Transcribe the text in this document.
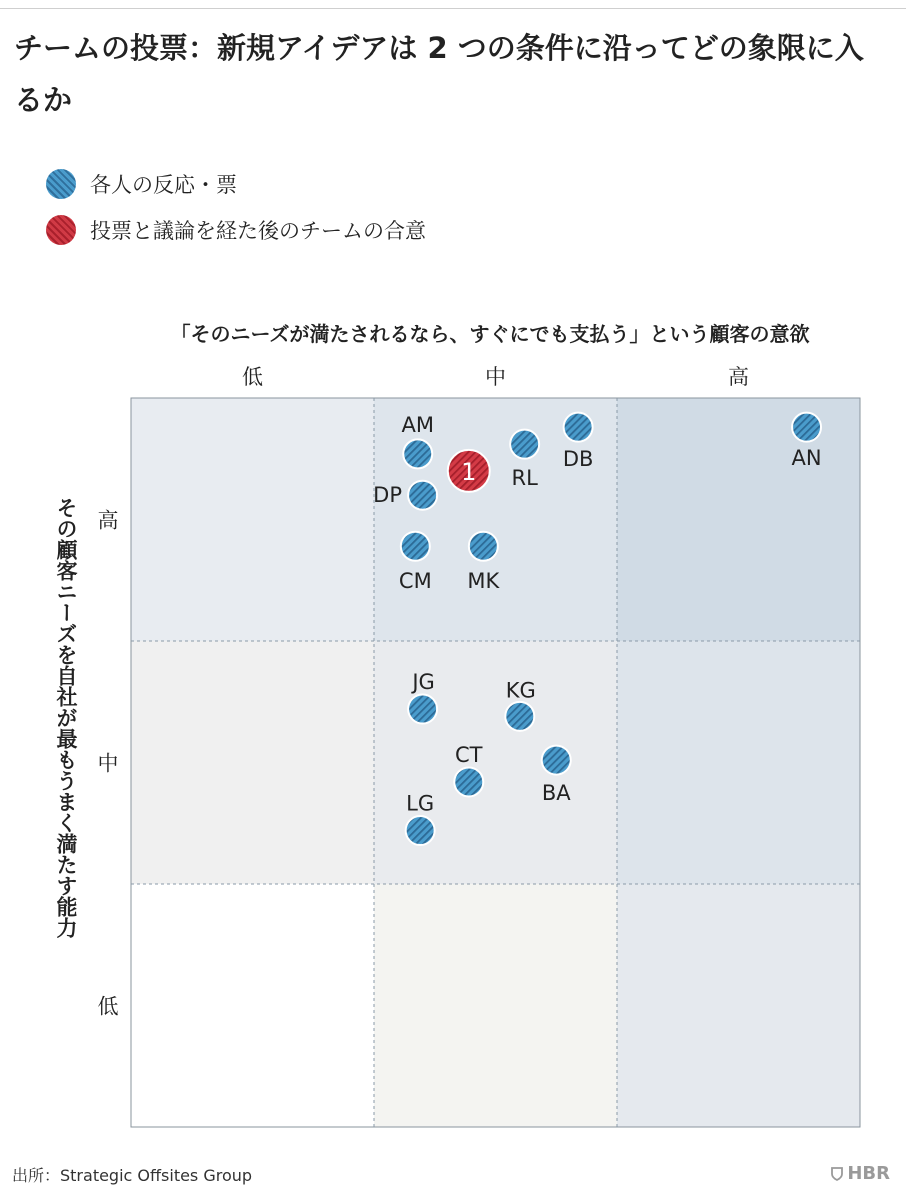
チームの投票：新規アイデアは 2 つの条件に沿ってどの象限に入るか
各人の反応・票
投票と議論を経た後のチームの合意
「そのニーズが満たされるなら、すぐにでも支払う」という顧客の意欲
その顧客ニーズを自社が最もうまく満たす能力
低	中	高
低
中
高
AM
RL
DB	AN
DP
CM MK
JG	KG
BA
CT
LG
1
出所：Strategic Offsites Group	HBR
